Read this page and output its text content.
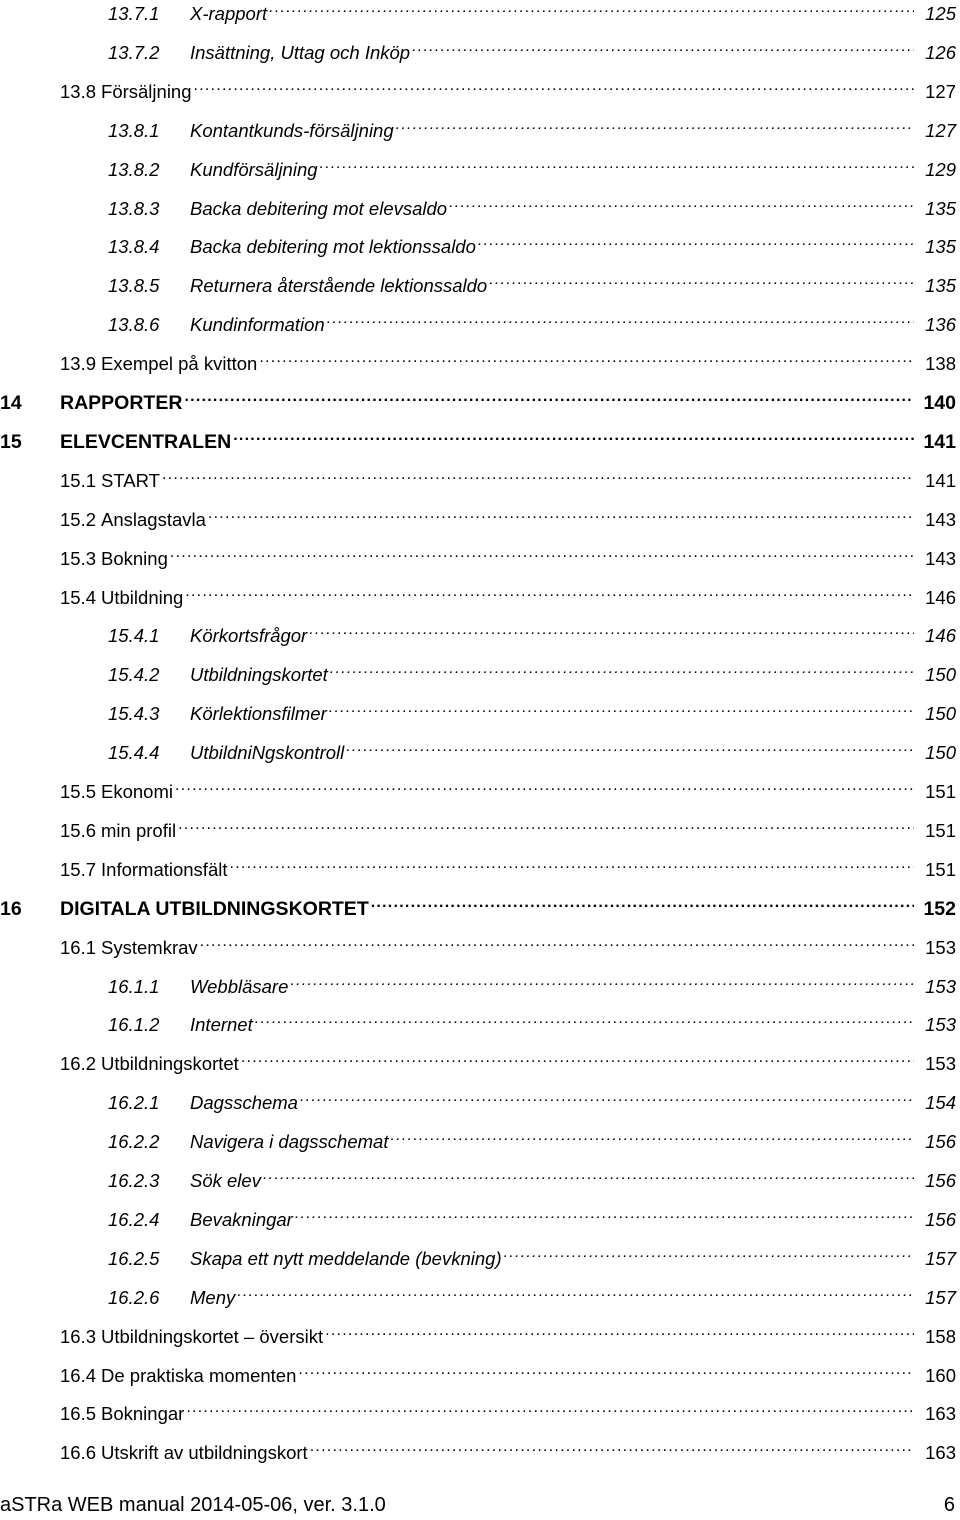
13.7.1	X-rapport . . .	125
13.7.2	Insättning, Uttag och Inköp . . .	126
13.8 Försäljning . . .	127
13.8.1	Kontantkunds-försäljning . . .	127
13.8.2	Kundförsäljning . . .	129
13.8.3	Backa debitering mot elevsaldo . . .	135
13.8.4	Backa debitering mot lektionssaldo . . .	135
13.8.5	Returnera återstående lektionssaldo . . .	135
13.8.6	Kundinformation . . .	136
13.9 Exempel på kvitton . . .	138
14	RAPPORTER . . .	140
15	ELEVCENTRALEN . . .	141
15.1 START . . .	141
15.2 Anslagstavla . . .	143
15.3 Bokning . . .	143
15.4 Utbildning . . .	146
15.4.1	Körkortsfrågor . . .	146
15.4.2	Utbildningskortet . . .	150
15.4.3	Körlektionsfilmer . . .	150
15.4.4	UtbildniNgskontroll . . .	150
15.5 Ekonomi . . .	151
15.6 min profil . . .	151
15.7 Informationsfält . . .	151
16	DIGITALA UTBILDNINGSKORTET . . .	152
16.1 Systemkrav . . .	153
16.1.1	Webbläsare . . .	153
16.1.2	Internet . . .	153
16.2 Utbildningskortet . . .	153
16.2.1	Dagsschema . . .	154
16.2.2	Navigera i dagsschemat . . .	156
16.2.3	Sök elev . . .	156
16.2.4	Bevakningar . . .	156
16.2.5	Skapa ett nytt meddelande (bevkning) . . .	157
16.2.6	Meny . . .	157
16.3 Utbildningskortet – översikt . . .	158
16.4 De praktiska momenten . . .	160
16.5 Bokningar . . .	163
16.6 Utskrift av utbildningskort . . .	163
aSTRa WEB manual 2014-05-06, ver. 3.1.0	6
